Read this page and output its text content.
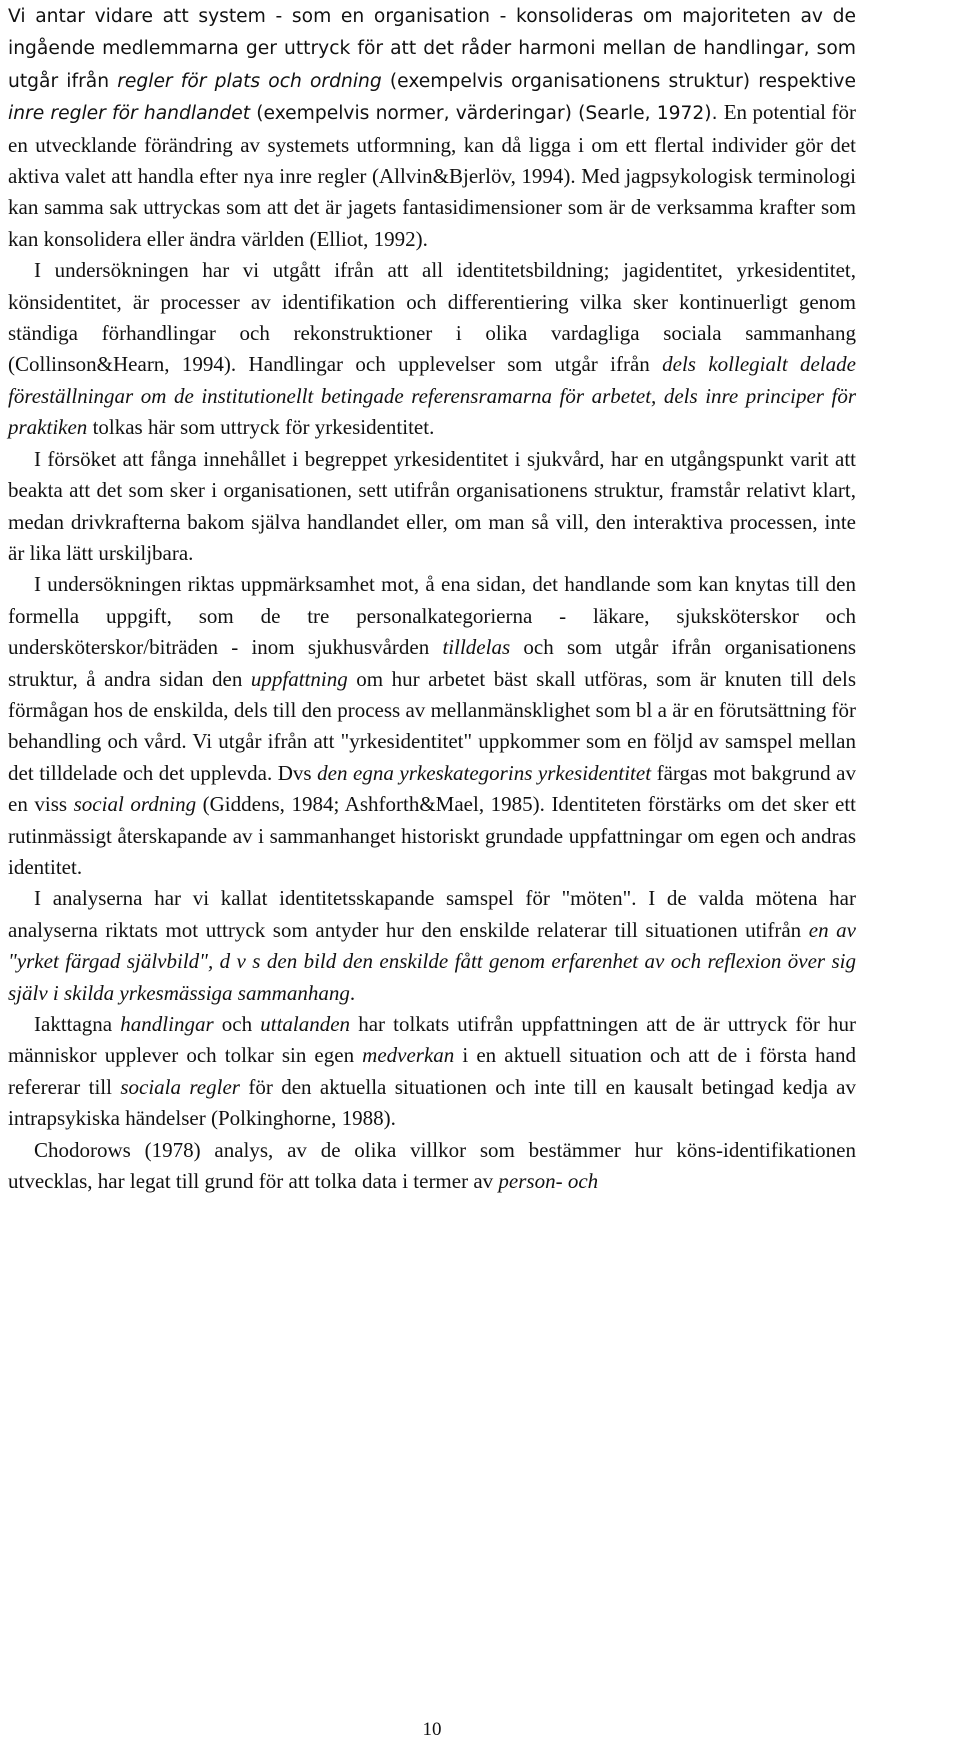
Vi antar vidare att system - som en organisation - konsolideras om majoriteten av de ingående medlemmarna ger uttryck för att det råder harmoni mellan de handlingar, som utgår ifrån regler för plats och ordning (exempelvis organisationens struktur) respektive inre regler för handlandet (exempelvis normer, värderingar) (Searle, 1972). En potential för en utvecklande förändring av systemets utformning, kan då ligga i om ett flertal individer gör det aktiva valet att handla efter nya inre regler (Allvin&Bjerlöv, 1994). Med jagpsykologisk terminologi kan samma sak uttryckas som att det är jagets fantasidimensioner som är de verksamma krafter som kan konsolidera eller ändra världen (Elliot, 1992).

I undersökningen har vi utgått ifrån att all identitetsbildning; jagidentitet, yrkesidentitet, könsidentitet, är processer av identifikation och differentiering vilka sker kontinuerligt genom ständiga förhandlingar och rekonstruktioner i olika vardagliga sociala sammanhang (Collinson&Hearn, 1994). Handlingar och upplevelser som utgår ifrån dels kollegialt delade föreställningar om de institutionellt betingade referensramarna för arbetet, dels inre principer för praktiken tolkas här som uttryck för yrkesidentitet.

I försöket att fånga innehållet i begreppet yrkesidentitet i sjukvård, har en utgångspunkt varit att beakta att det som sker i organisationen, sett utifrån organisationens struktur, framstår relativt klart, medan drivkrafterna bakom själva handlandet eller, om man så vill, den interaktiva processen, inte är lika lätt urskiljbara.

I undersökningen riktas uppmärksamhet mot, å ena sidan, det handlande som kan knytas till den formella uppgift, som de tre personalkategorierna - läkare, sjuksköterskor och undersköterskor/biträden - inom sjukhusvården tilldelas och som utgår ifrån organisationens struktur, å andra sidan den uppfattning om hur arbetet bäst skall utföras, som är knuten till dels förmågan hos de enskilda, dels till den process av mellanmänsklighet som bl a är en förutsättning för behandling och vård. Vi utgår ifrån att "yrkesidentitet" uppkommer som en följd av samspel mellan det tilldelade och det upplevda. Dvs den egna yrkeskategorins yrkesidentitet färgas mot bakgrund av en viss social ordning (Giddens, 1984; Ashforth&Mael, 1985). Identiteten förstärks om det sker ett rutinmässigt återskapande av i sammanhanget historiskt grundade uppfattningar om egen och andras identitet.

I analyserna har vi kallat identitetsskapande samspel för "möten". I de valda mötena har analyserna riktats mot uttryck som antyder hur den enskilde relaterar till situationen utifrån en av "yrket färgad självbild", d v s den bild den enskilde fått genom erfarenhet av och reflexion över sig själv i skilda yrkesmässiga sammanhang.

Iakttagna handlingar och uttalanden har tolkats utifrån uppfattningen att de är uttryck för hur människor upplever och tolkar sin egen medverkan i en aktuell situation och att de i första hand refererar till sociala regler för den aktuella situationen och inte till en kausalt betingad kedja av intrapsykiska händelser (Polkinghorne, 1988).

Chodorows (1978) analys, av de olika villkor som bestämmer hur köns-identifikationen utvecklas, har legat till grund för att tolka data i termer av person- och

10
